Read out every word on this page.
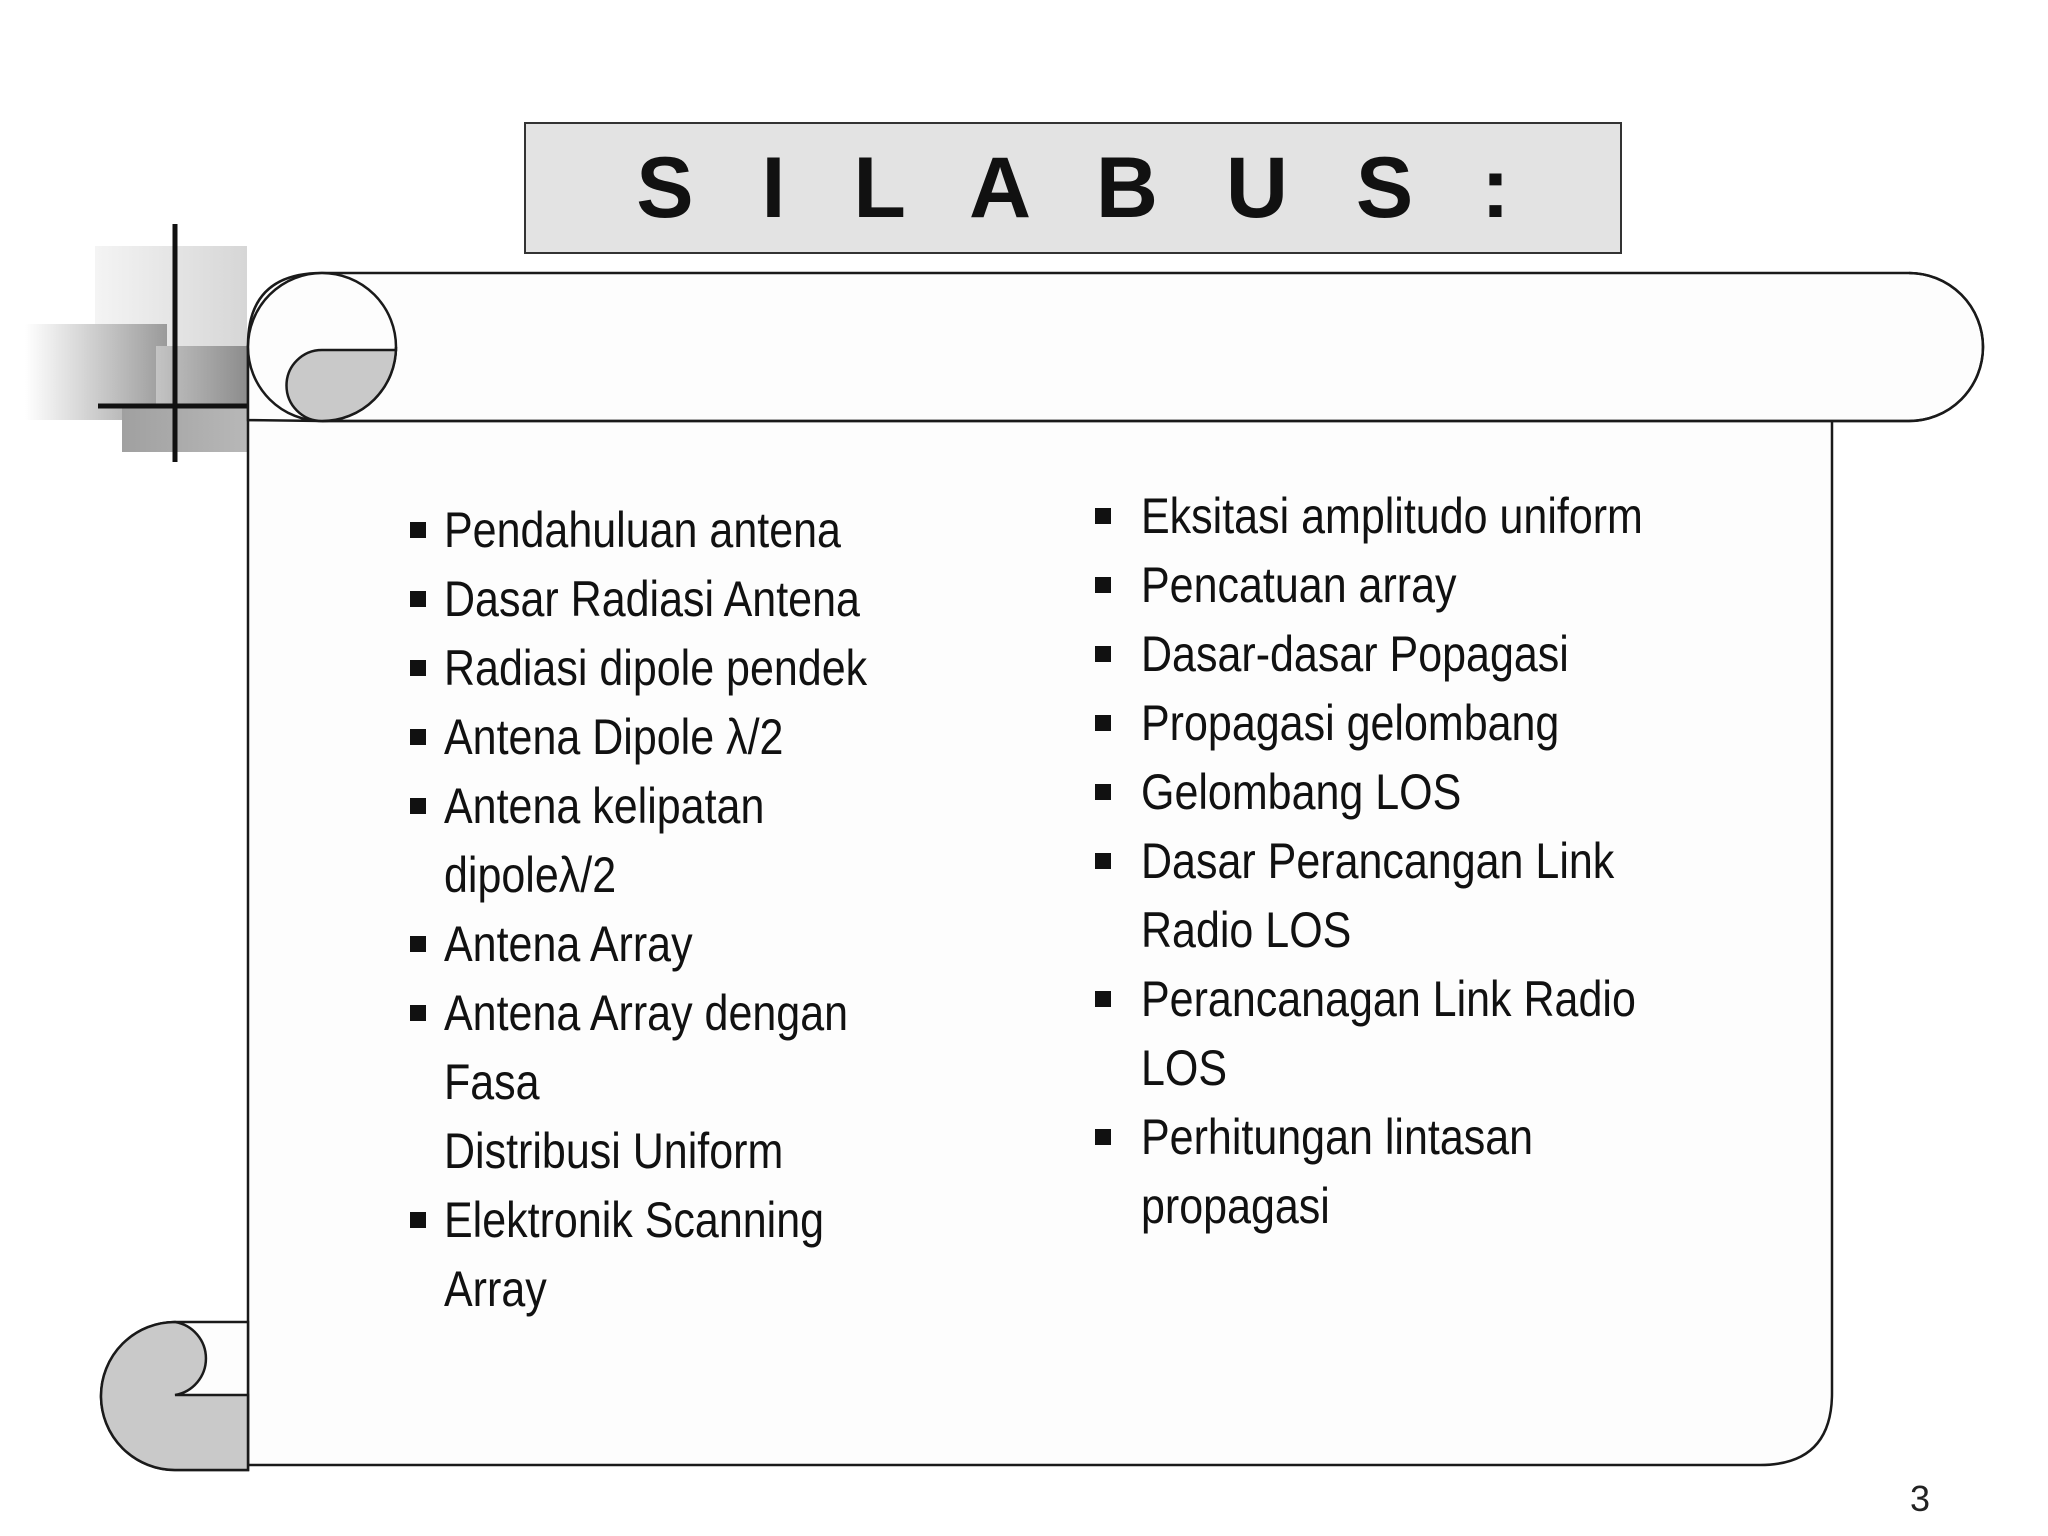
S I L A B U S :
Pendahuluan antena
Dasar Radiasi Antena
Radiasi dipole pendek
Antena Dipole λ/2
Antena kelipatan dipoleλ/2
Antena Array
Antena Array dengan Fasa
Distribusi Uniform
Elektronik Scanning Array
Eksitasi amplitudo uniform
Pencatuan array
Dasar-dasar Popagasi
Propagasi gelombang
Gelombang LOS
Dasar Perancangan Link
Radio LOS
Perancanagan Link Radio
LOS
Perhitungan lintasan
propagasi
3
